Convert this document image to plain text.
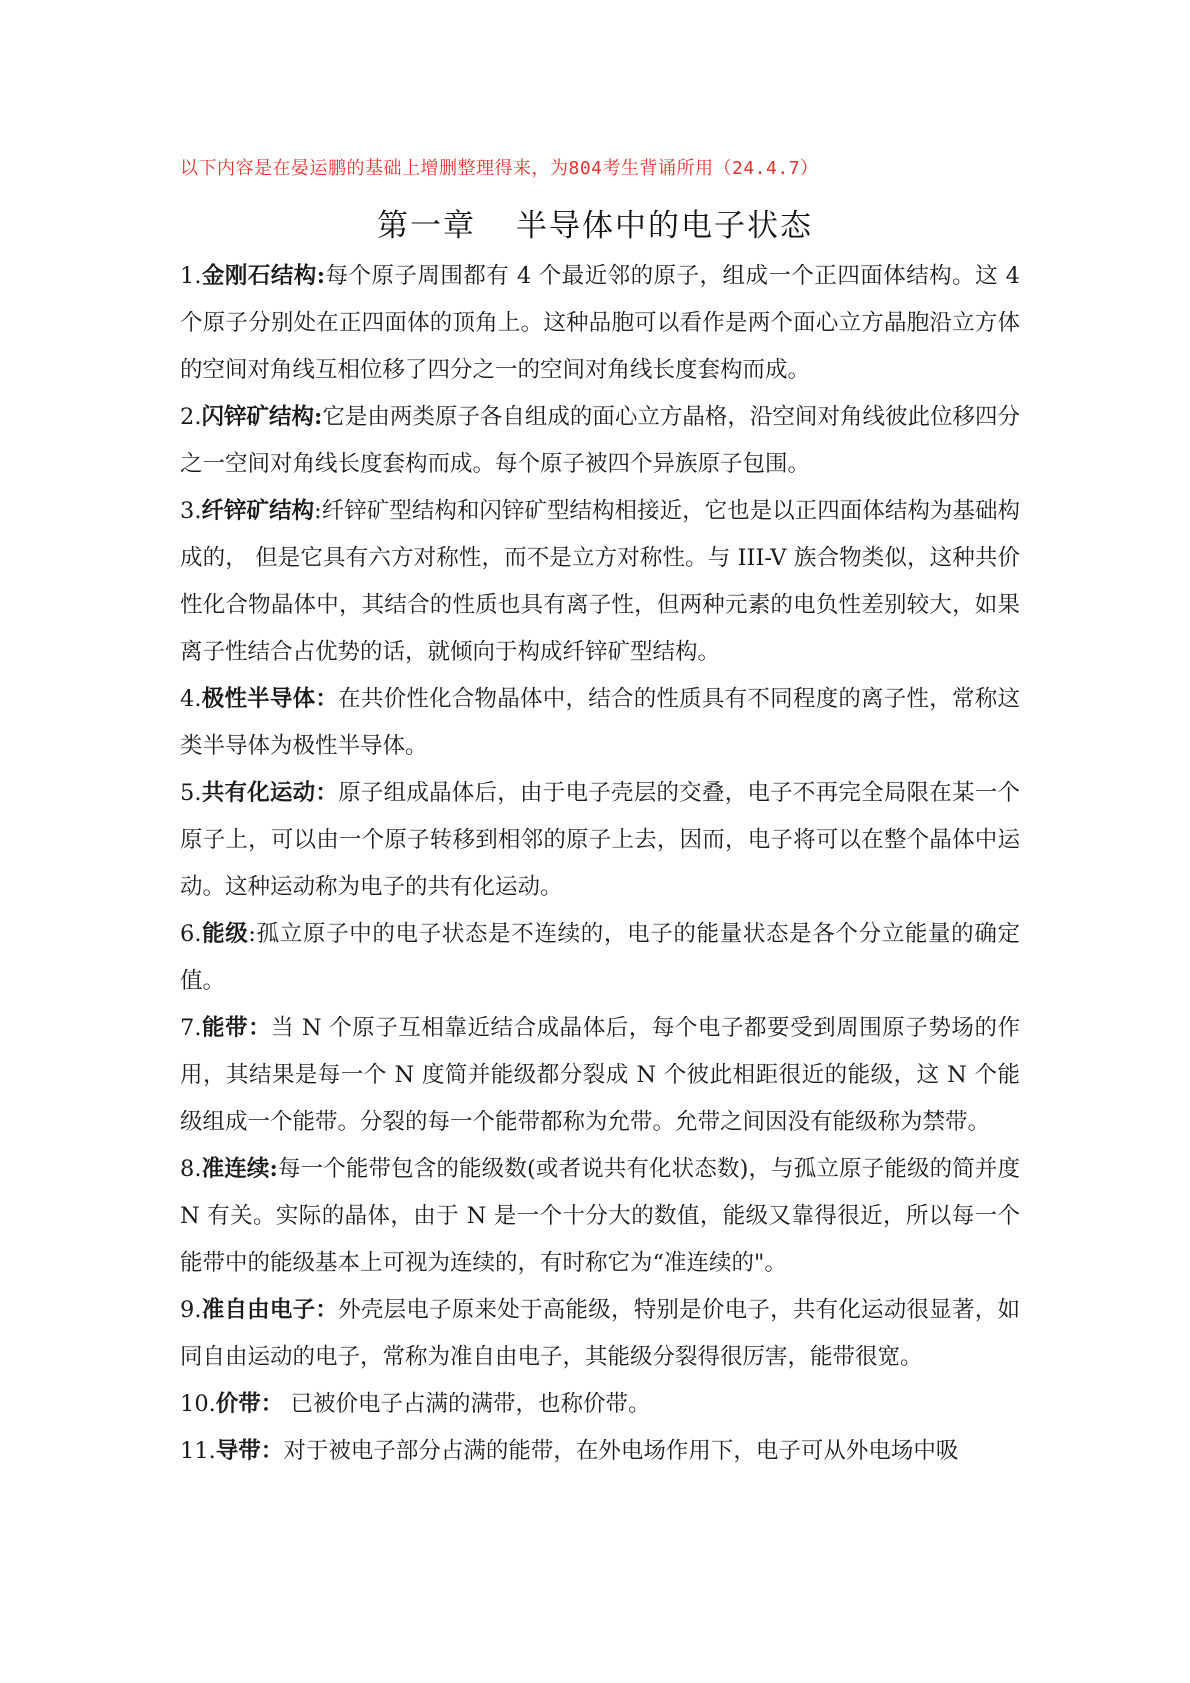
以下内容是在晏运鹏的基础上增删整理得来，为804考生背诵所用（24.4.7）
第一章 半导体中的电子状态

1.金刚石结构:每个原子周围都有 4 个最近邻的原子，组成一个正四面体结构。这 4 个原子分别处在正四面体的顶角上。这种品胞可以看作是两个面心立方晶胞沿立方体的空间对角线互相位移了四分之一的空间对角线长度套构而成。

2.闪锌矿结构:它是由两类原子各自组成的面心立方晶格，沿空间对角线彼此位移四分之一空间对角线长度套构而成。每个原子被四个异族原子包围。

3.纤锌矿结构:纤锌矿型结构和闪锌矿型结构相接近，它也是以正四面体结构为基础构成的， 但是它具有六方对称性，而不是立方对称性。与 III-V 族合物类似，这种共价性化合物晶体中，其结合的性质也具有离子性，但两种元素的电负性差别较大，如果离子性结合占优势的话，就倾向于构成纤锌矿型结构。

4.极性半导体：在共价性化合物晶体中，结合的性质具有不同程度的离子性，常称这类半导体为极性半导体。

5.共有化运动：原子组成晶体后，由于电子壳层的交叠，电子不再完全局限在某一个原子上，可以由一个原子转移到相邻的原子上去，因而，电子将可以在整个晶体中运动。这种运动称为电子的共有化运动。

6.能级:孤立原子中的电子状态是不连续的，电子的能量状态是各个分立能量的确定值。

7.能带：当 N 个原子互相靠近结合成晶体后，每个电子都要受到周围原子势场的作用，其结果是每一个 N 度简并能级都分裂成 N 个彼此相距很近的能级，这 N 个能级组成一个能带。分裂的每一个能带都称为允带。允带之间因没有能级称为禁带。

8.准连续:每一个能带包含的能级数(或者说共有化状态数)，与孤立原子能级的简并度 N 有关。实际的晶体，由于 N 是一个十分大的数值，能级又靠得很近，所以每一个能带中的能级基本上可视为连续的，有时称它为“准连续的"。

9.准自由电子：外壳层电子原来处于高能级，特别是价电子，共有化运动很显著，如同自由运动的电子，常称为准自由电子，其能级分裂得很厉害，能带很宽。

10.价带： 已被价电子占满的满带，也称价带。

11.导带：对于被电子部分占满的能带，在外电场作用下，电子可从外电场中吸
